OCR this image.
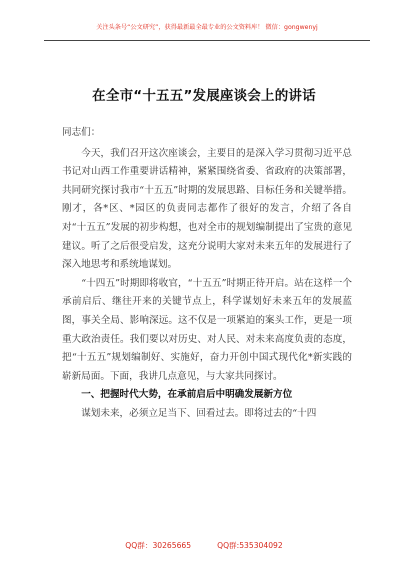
关注头条号“公文研究”，获得最新最全最专业的公文资料库！ 微信：gongwenyj
在全市“十五五”发展座谈会上的讲话

同志们：

今天，我们召开这次座谈会，主要目的是深入学习贯彻习近平总书记对山西工作重要讲话精神，紧紧围绕省委、省政府的决策部署，共同研究探讨我市“十五五”时期的发展思路、目标任务和关键举措。刚才，各*区、*园区的负责同志都作了很好的发言，介绍了各自对“十五五”发展的初步构想，也对全市的规划编制提出了宝贵的意见建议。听了之后很受启发，这充分说明大家对未来五年的发展进行了深入地思考和系统地谋划。

“十四五”时期即将收官，“十五五”时期正待开启。站在这样一个承前启后、继往开来的关键节点上，科学谋划好未来五年的发展蓝图，事关全局、影响深远。这不仅是一项紧迫的案头工作，更是一项重大政治责任。我们要以对历史、对人民、对未来高度负责的态度，把“十五五”规划编制好、实施好，奋力开创中国式现代化*新实践的崭新局面。下面，我讲几点意见，与大家共同探讨。

一、把握时代大势，在承前启后中明确发展新方位

谋划未来，必须立足当下、回看过去。即将过去的“十四

QQ群：30265665	QQ群:535304092
